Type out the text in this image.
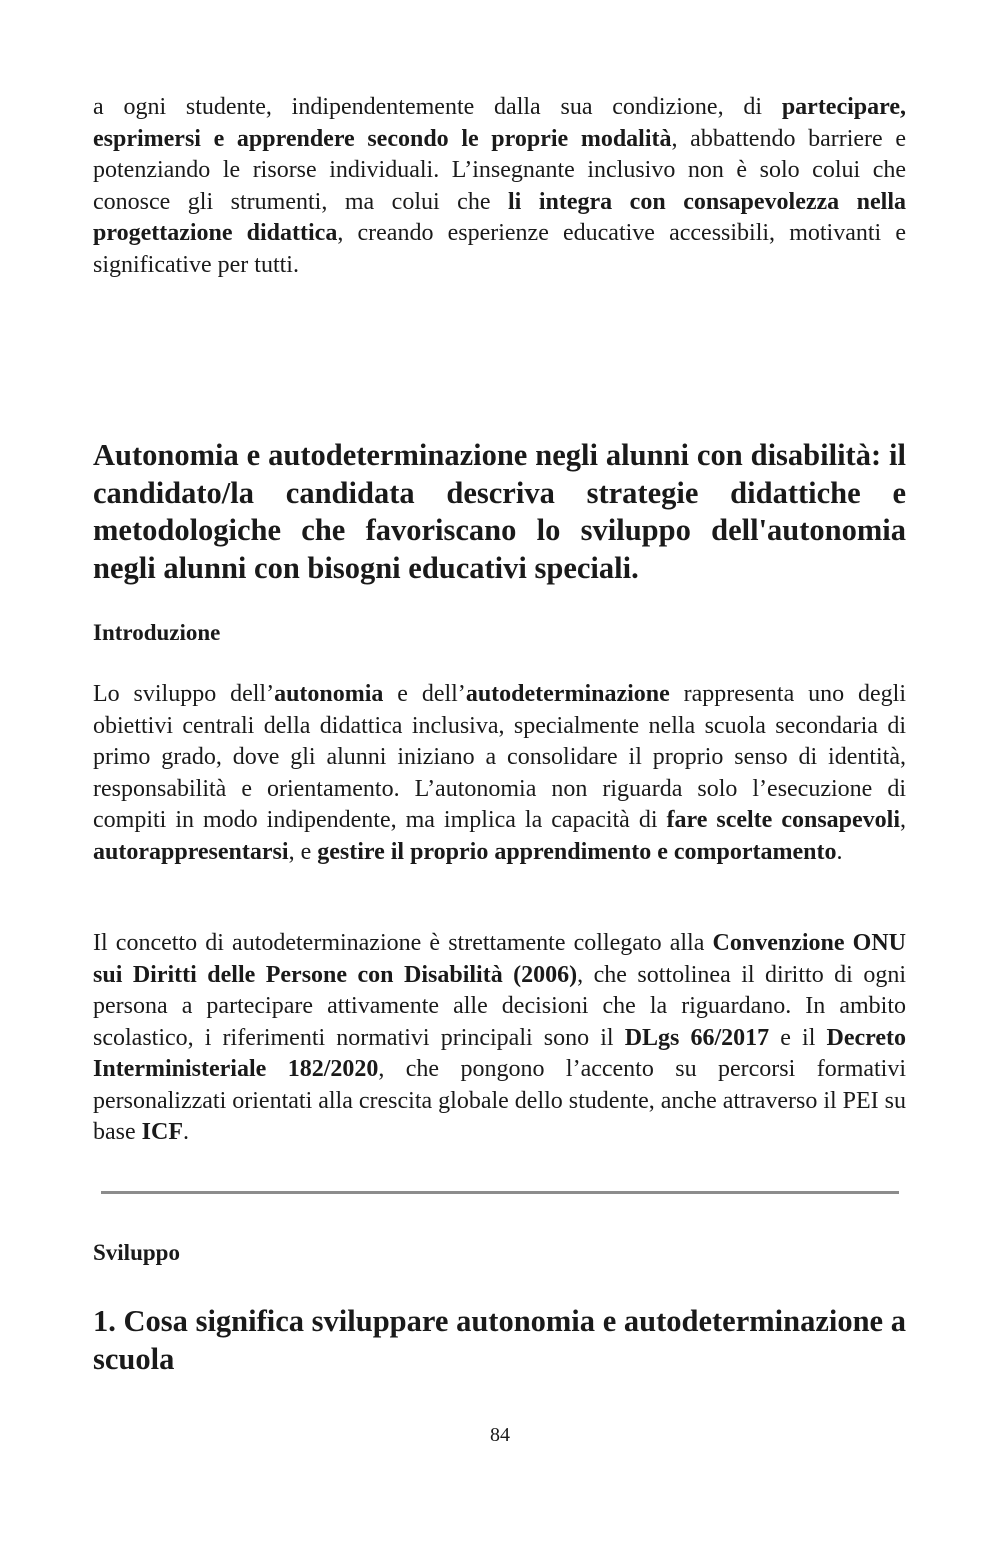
a ogni studente, indipendentemente dalla sua condizione, di partecipare, esprimersi e apprendere secondo le proprie modalità, abbattendo barriere e potenziando le risorse individuali. L’insegnante inclusivo non è solo colui che conosce gli strumenti, ma colui che li integra con consapevolezza nella progettazione didattica, creando esperienze educative accessibili, motivanti e significative per tutti.

Autonomia e autodeterminazione negli alunni con disabilità: il candidato/la candidata descriva strategie didattiche e metodologiche che favoriscano lo sviluppo dell'autonomia negli alunni con bisogni educativi speciali.
Introduzione

Lo sviluppo dell’autonomia e dell’autodeterminazione rappresenta uno degli obiettivi centrali della didattica inclusiva, specialmente nella scuola secondaria di primo grado, dove gli alunni iniziano a consolidare il proprio senso di identità, responsabilità e orientamento. L’autonomia non riguarda solo l’esecuzione di compiti in modo indipendente, ma implica la capacità di fare scelte consapevoli, autorappresentarsi, e gestire il proprio apprendimento e comportamento.

Il concetto di autodeterminazione è strettamente collegato alla Convenzione ONU sui Diritti delle Persone con Disabilità (2006), che sottolinea il diritto di ogni persona a partecipare attivamente alle decisioni che la riguardano. In ambito scolastico, i riferimenti normativi principali sono il DLgs 66/2017 e il Decreto Interministeriale 182/2020, che pongono l’accento su percorsi formativi personalizzati orientati alla crescita globale dello studente, anche attraverso il PEI su base ICF.

Sviluppo
1. Cosa significa sviluppare autonomia e autodeterminazione a scuola
84
